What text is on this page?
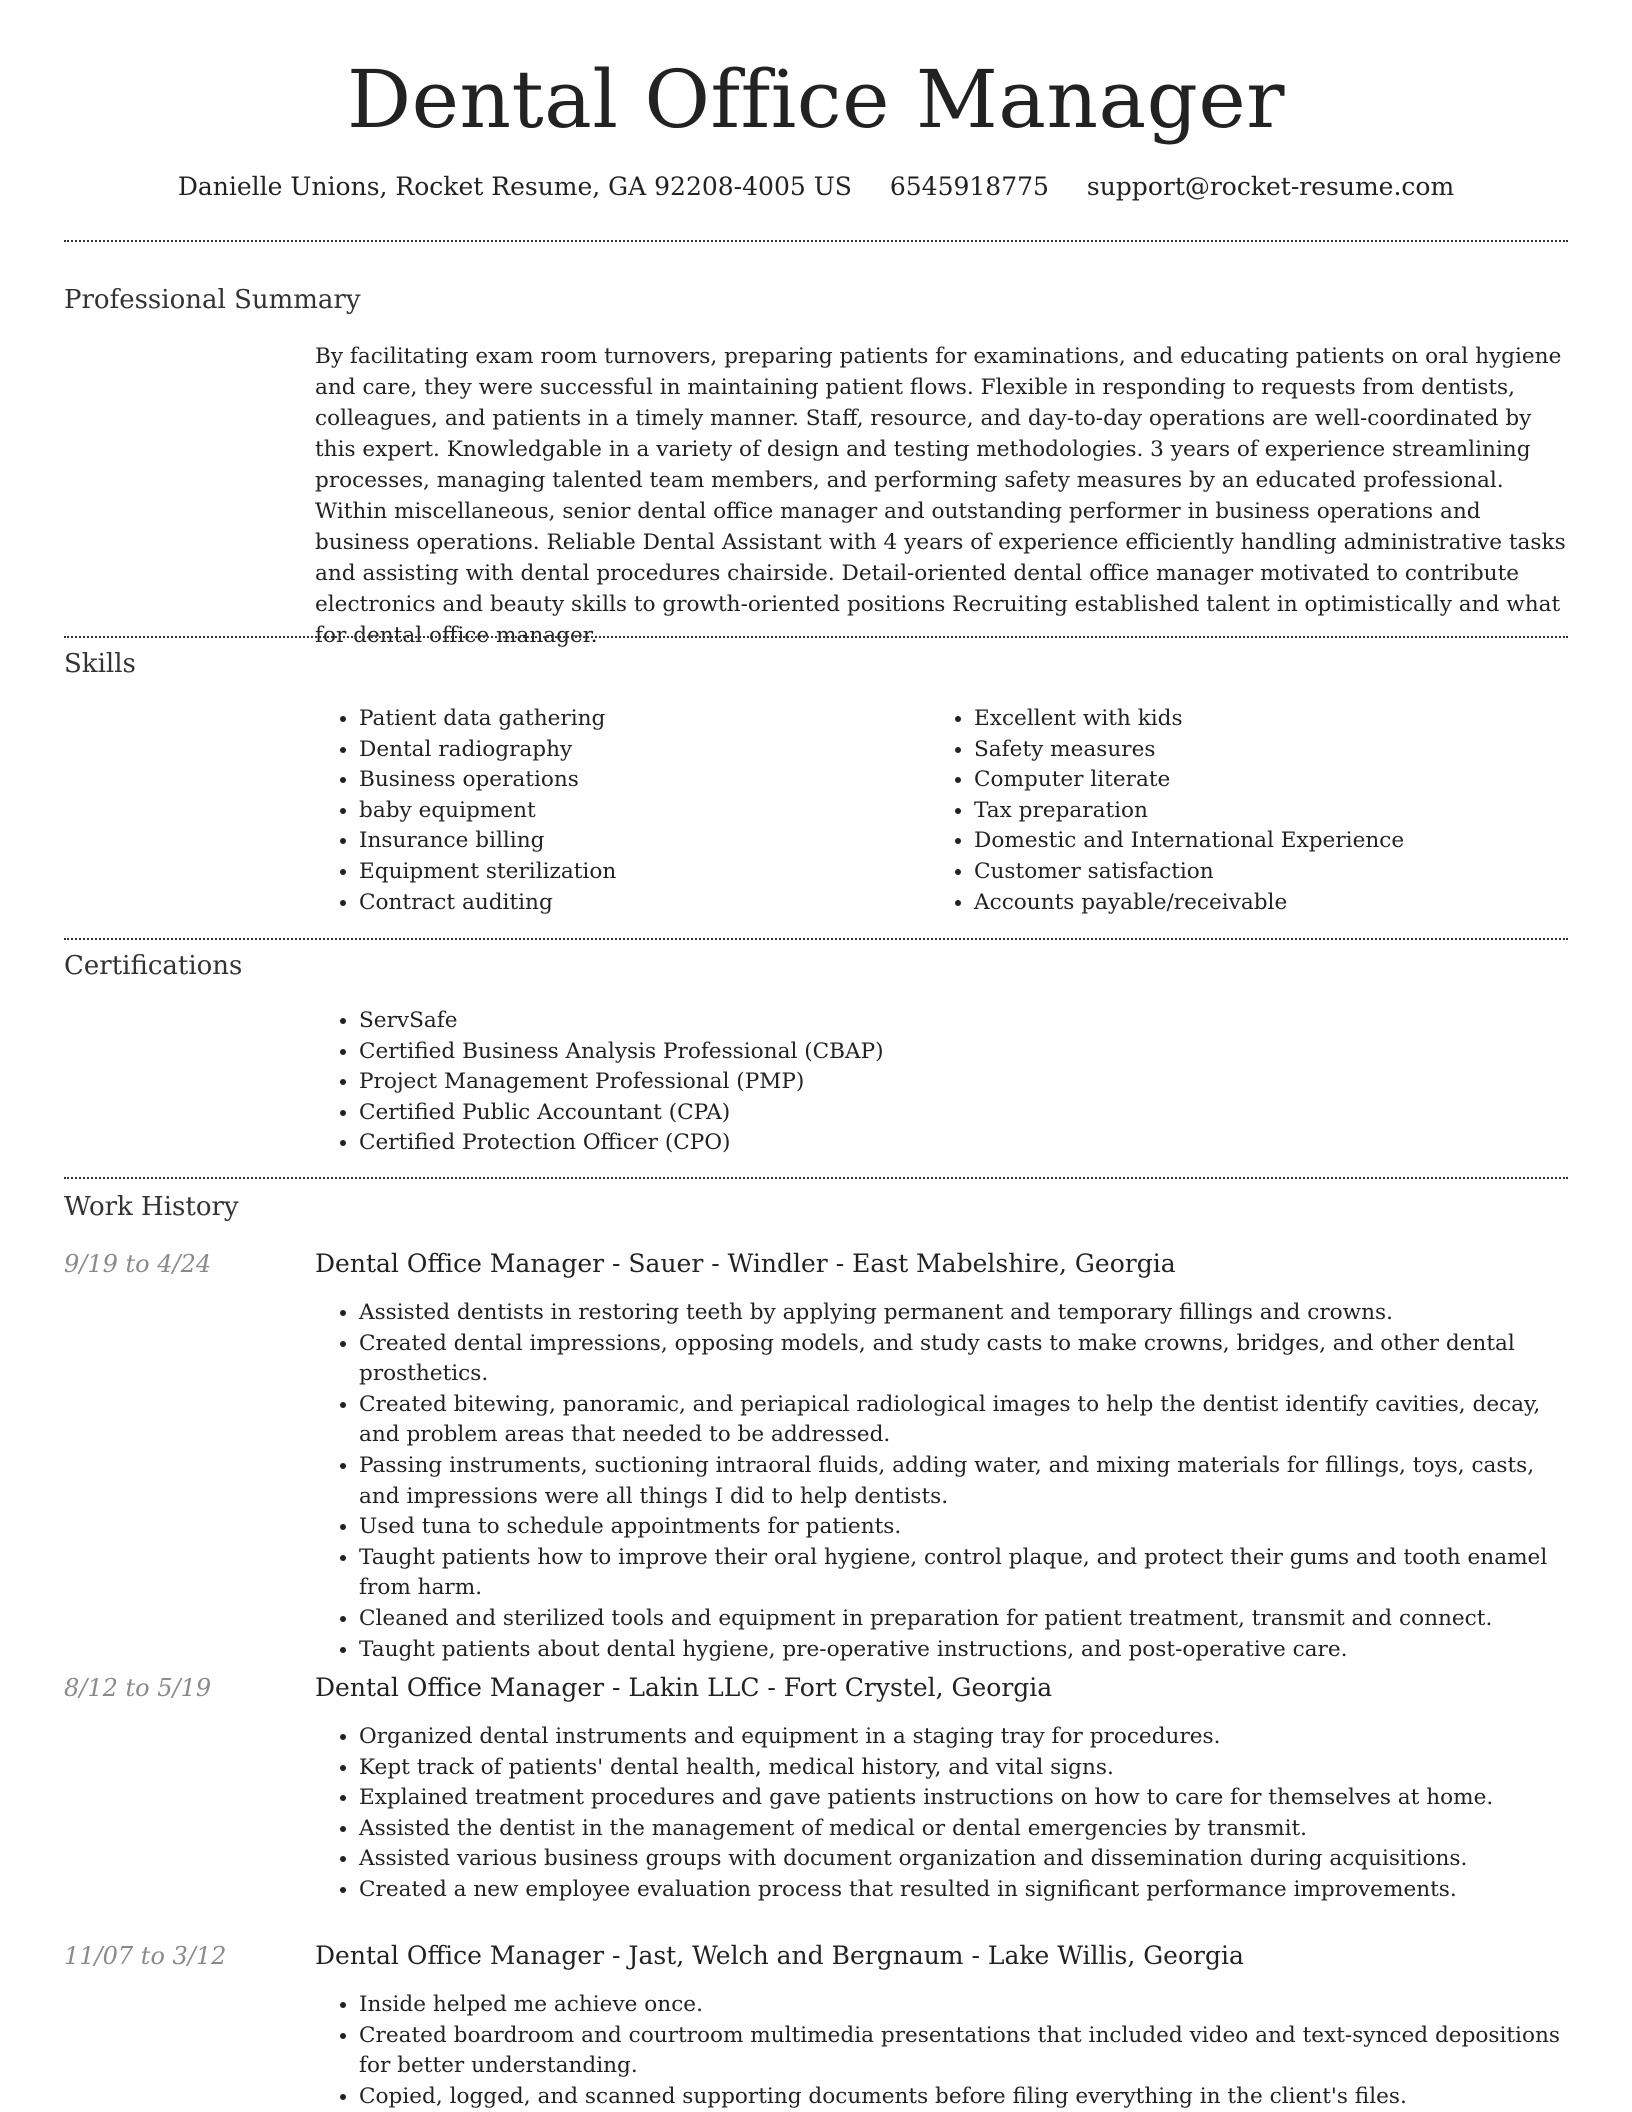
Dental Office Manager
Danielle Unions, Rocket Resume, GA 92208-4005 US 6545918775 support@rocket-resume.com
Professional Summary

By facilitating exam room turnovers, preparing patients for examinations, and educating patients on oral hygiene and care, they were successful in maintaining patient flows. Flexible in responding to requests from dentists, colleagues, and patients in a timely manner. Staff, resource, and day-to-day operations are well-coordinated by this expert. Knowledgable in a variety of design and testing methodologies. 3 years of experience streamlining processes, managing talented team members, and performing safety measures by an educated professional. Within miscellaneous, senior dental office manager and outstanding performer in business operations and business operations. Reliable Dental Assistant with 4 years of experience efficiently handling administrative tasks and assisting with dental procedures chairside. Detail-oriented dental office manager motivated to contribute electronics and beauty skills to growth-oriented positions Recruiting established talent in optimistically and what for dental office manager.

Skills
• Patient data gathering
• Dental radiography
• Business operations
• baby equipment
• Insurance billing
• Equipment sterilization
• Contract auditing
• Excellent with kids
• Safety measures
• Computer literate
• Tax preparation
• Domestic and International Experience
• Customer satisfaction
• Accounts payable/receivable
Certifications
• ServSafe
• Certified Business Analysis Professional (CBAP)
• Project Management Professional (PMP)
• Certified Public Accountant (CPA)
• Certified Protection Officer (CPO)
Work History
9/19 to 4/24	Dental Office Manager - Sauer - Windler - East Mabelshire, Georgia
• Assisted dentists in restoring teeth by applying permanent and temporary fillings and crowns.
• Created dental impressions, opposing models, and study casts to make crowns, bridges, and other dental prosthetics.
• Created bitewing, panoramic, and periapical radiological images to help the dentist identify cavities, decay, and problem areas that needed to be addressed.
• Passing instruments, suctioning intraoral fluids, adding water, and mixing materials for fillings, toys, casts, and impressions were all things I did to help dentists.
• Used tuna to schedule appointments for patients.
• Taught patients how to improve their oral hygiene, control plaque, and protect their gums and tooth enamel from harm.
• Cleaned and sterilized tools and equipment in preparation for patient treatment, transmit and connect.
• Taught patients about dental hygiene, pre-operative instructions, and post-operative care.
8/12 to 5/19	Dental Office Manager - Lakin LLC - Fort Crystel, Georgia
• Organized dental instruments and equipment in a staging tray for procedures.
• Kept track of patients' dental health, medical history, and vital signs.
• Explained treatment procedures and gave patients instructions on how to care for themselves at home.
• Assisted the dentist in the management of medical or dental emergencies by transmit.
• Assisted various business groups with document organization and dissemination during acquisitions.
• Created a new employee evaluation process that resulted in significant performance improvements.
11/07 to 3/12	Dental Office Manager - Jast, Welch and Bergnaum - Lake Willis, Georgia
• Inside helped me achieve once.
• Created boardroom and courtroom multimedia presentations that included video and text-synced depositions for better understanding.
• Copied, logged, and scanned supporting documents before filing everything in the client's files.
